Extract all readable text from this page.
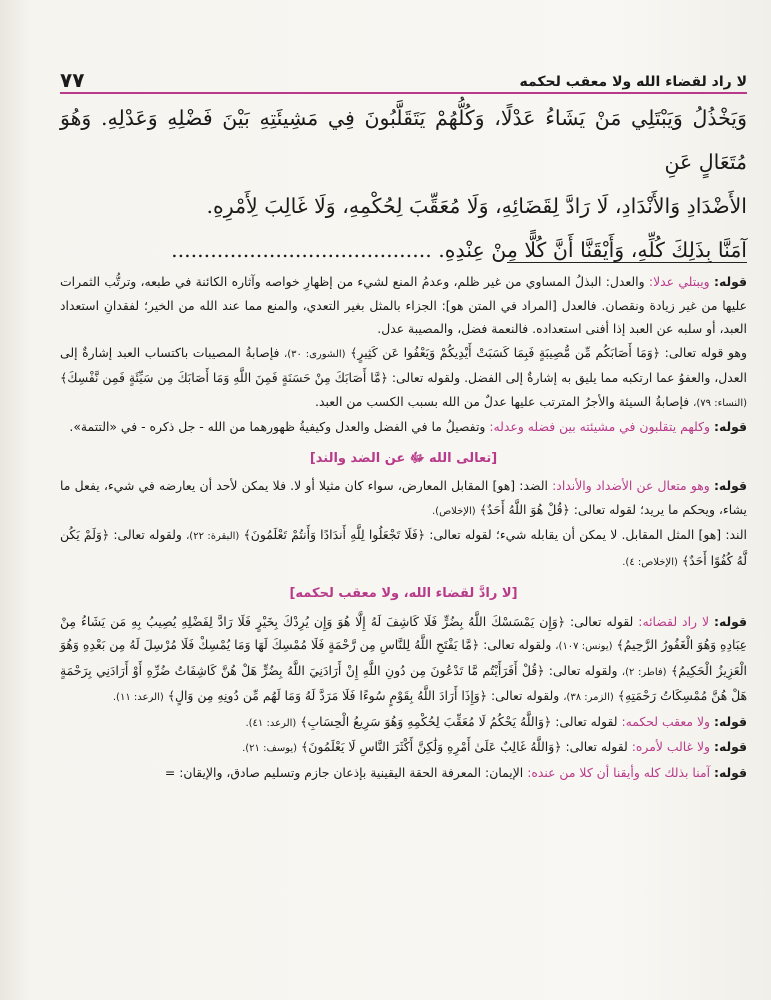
لا راد لقضاء الله ولا معقب لحكمه
٧٧

وَيَخْذُلُ وَيَبْتَلِي مَنْ يَشَاءُ عَدْلًا، وَكُلُّهُمْ يَتَقَلَّبُونَ فِي مَشِيئَتِهِ بَيْنَ فَضْلِهِ وَعَدْلِهِ. وَهُوَ مُتَعَالٍ عَنِ

الأَضْدَادِ وَالأَنْدَادِ، لَا رَادَّ لِقَضَائِهِ، وَلَا مُعَقِّبَ لِحُكْمِهِ، وَلَا غَالِبَ لِأَمْرِهِ.

آمَنَّا بِذَلِكَ كُلِّهِ، وَأَيْقَنَّا أَنَّ كُلًّا مِنْ عِنْدِهِ. ........................................

قوله: ويبتلي عدلا: والعدل: البذلُ المساوي من غير ظلم، وعدمُ المنع لشيء من إظهارِ خواصه وآثاره الكائنة في طبعه، وترتُّب الثمرات عليها من غير زيادة ونقصان. فالعدل [المراد في المتن هو]: الجزاء بالمثل بغير التعدي، والمنع مما عند الله من الخير؛ لفقدانِ استعداد العبد، أو سلبه عن العبد إذا أفنى استعداده. فالنعمة فضل، والمصيبة عدل.

وهو قوله تعالى: ﴿وَمَا أَصَابَكُم مِّن مُّصِيبَةٍ فَبِمَا كَسَبَتْ أَيْدِيكُمْ وَيَعْفُوا عَن كَثِيرٍ﴾ (الشورى: ٣٠)، فإصابةُ المصيبات باكتساب العبد إشارةٌ إلى العدل، والعفوُ عما ارتكبه مما يليق به إشارةٌ إلى الفضل. ولقوله تعالى: ﴿مَّا أَصَابَكَ مِنْ حَسَنَةٍ فَمِنَ اللَّهِ وَمَا أَصَابَكَ مِن سَيِّئَةٍ فَمِن نَّفْسِكَ﴾ (النساء: ٧٩)، فإصابةُ السيئة والأجرُ المترتب عليها عدلٌ من الله بسبب الكسب من العبد.

قوله: وكلهم يتقلبون في مشيئته بين فضله وعدله: وتفصيلُ ما في الفضل والعدل وكيفيةُ ظهورهما من الله - جل ذكره - في «التتمة».

[تعالى الله ﷻ عن الضد والند]

قوله: وهو متعال عن الأضداد والأنداد: الضد: [هو] المقابل المعارض، سواء كان مثيلا أو لا. فلا يمكن لأحد أن يعارضه في شيء، يفعل ما يشاء، ويحكم ما يريد؛ لقوله تعالى: ﴿قُلْ هُوَ اللَّهُ أَحَدٌ﴾ (الإخلاص).

الند: [هو] المثل المقابل. لا يمكن أن يقابله شيء؛ لقوله تعالى: ﴿فَلَا تَجْعَلُوا لِلَّهِ أَندَادًا وَأَنتُمْ تَعْلَمُونَ﴾ (البقرة: ٢٢)، ولقوله تعالى: ﴿وَلَمْ يَكُن لَّهُ كُفُوًا أَحَدٌ﴾ (الإخلاص: ٤).

[لا رادَّ لقضاء الله، ولا معقب لحكمه]

قوله: لا راد لقضائه: لقوله تعالى: ﴿وَإِن يَمْسَسْكَ اللَّهُ بِضُرٍّ فَلَا كَاشِفَ لَهُ إِلَّا هُوَ وَإِن يُرِدْكَ بِخَيْرٍ فَلَا رَادَّ لِفَضْلِهِ يُصِيبُ بِهِ مَن يَشَاءُ مِنْ عِبَادِهِ وَهُوَ الْغَفُورُ الرَّحِيمُ﴾ (يونس: ١٠٧)، ولقوله تعالى: ﴿مَّا يَفْتَحِ اللَّهُ لِلنَّاسِ مِن رَّحْمَةٍ فَلَا مُمْسِكَ لَهَا وَمَا يُمْسِكْ فَلَا مُرْسِلَ لَهُ مِن بَعْدِهِ وَهُوَ الْعَزِيزُ الْحَكِيمُ﴾ (فاطر: ٢)، ولقوله تعالى: ﴿قُلْ أَفَرَأَيْتُم مَّا تَدْعُونَ مِن دُونِ اللَّهِ إِنْ أَرَادَنِيَ اللَّهُ بِضُرٍّ هَلْ هُنَّ كَاشِفَاتُ ضُرِّهِ أَوْ أَرَادَنِي بِرَحْمَةٍ هَلْ هُنَّ مُمْسِكَاتُ رَحْمَتِهِ﴾ (الزمر: ٣٨)، ولقوله تعالى: ﴿وَإِذَا أَرَادَ اللَّهُ بِقَوْمٍ سُوءًا فَلَا مَرَدَّ لَهُ وَمَا لَهُم مِّن دُونِهِ مِن وَالٍ﴾ (الرعد: ١١).

قوله: ولا معقب لحكمه: لقوله تعالى: ﴿وَاللَّهُ يَحْكُمُ لَا مُعَقِّبَ لِحُكْمِهِ وَهُوَ سَرِيعُ الْحِسَابِ﴾ (الرعد: ٤١).

قوله: ولا غالب لأمره: لقوله تعالى: ﴿وَاللَّهُ غَالِبٌ عَلَىٰ أَمْرِهِ وَلَٰكِنَّ أَكْثَرَ النَّاسِ لَا يَعْلَمُونَ﴾ (يوسف: ٢١).

قوله: آمنا بذلك كله وأيقنا أن كلا من عنده: الإيمان: المعرفة الحقة اليقينية بإذعان جازم وتسليم صادق، والإيقان: =
